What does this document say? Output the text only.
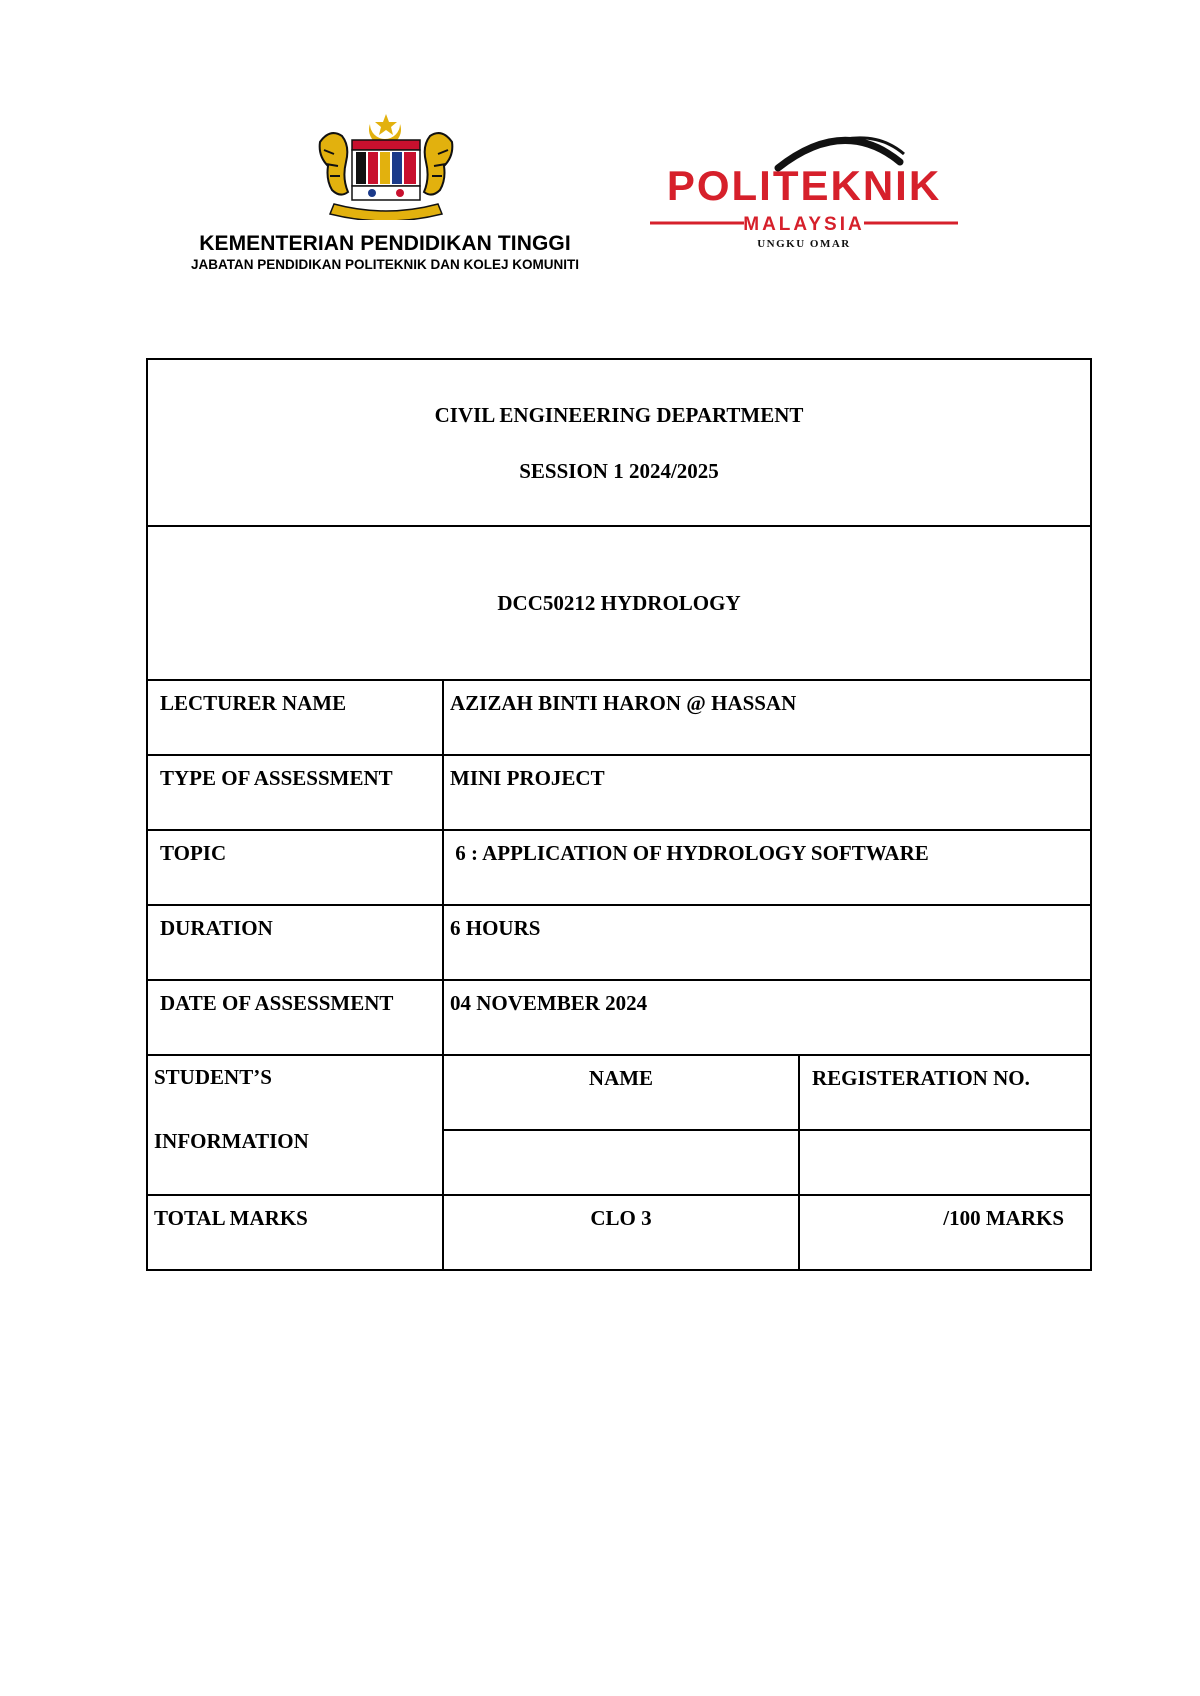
KEMENTERIAN PENDIDIKAN TINGGI
JABATAN PENDIDIKAN POLITEKNIK DAN KOLEJ KOMUNITI
POLITEKNIK
MALAYSIA
UNGKU OMAR
CIVIL ENGINEERING DEPARTMENT
SESSION 1 2024/2025		

DCC50212 HYDROLOGY		
LECTURER NAME	AZIZAH BINTI HARON @ HASSAN	
TYPE OF ASSESSMENT	MINI PROJECT	
TOPIC	6 : APPLICATION OF HYDROLOGY SOFTWARE	
DURATION	6 HOURS	
DATE OF ASSESSMENT	04 NOVEMBER 2024	

STUDENT’S
INFORMATION	NAME	REGISTERATION NO.

TOTAL MARKS	CLO 3	/100 MARKS
